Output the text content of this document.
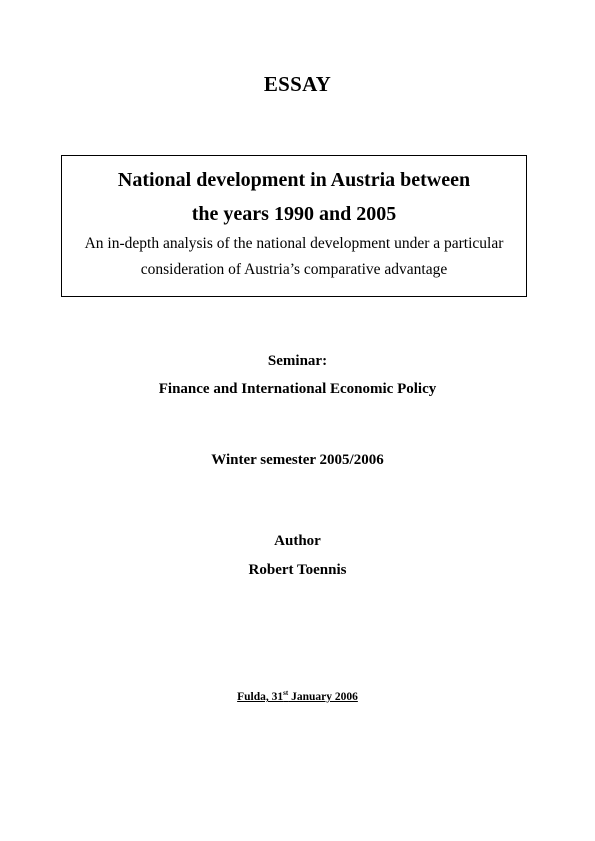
ESSAY
National development in Austria between
the years 1990 and 2005
An in-depth analysis of the national development under a particular
consideration of Austria’s comparative advantage
Seminar:
Finance and International Economic Policy
Winter semester 2005/2006
Author
Robert Toennis
Fulda, 31st January 2006
